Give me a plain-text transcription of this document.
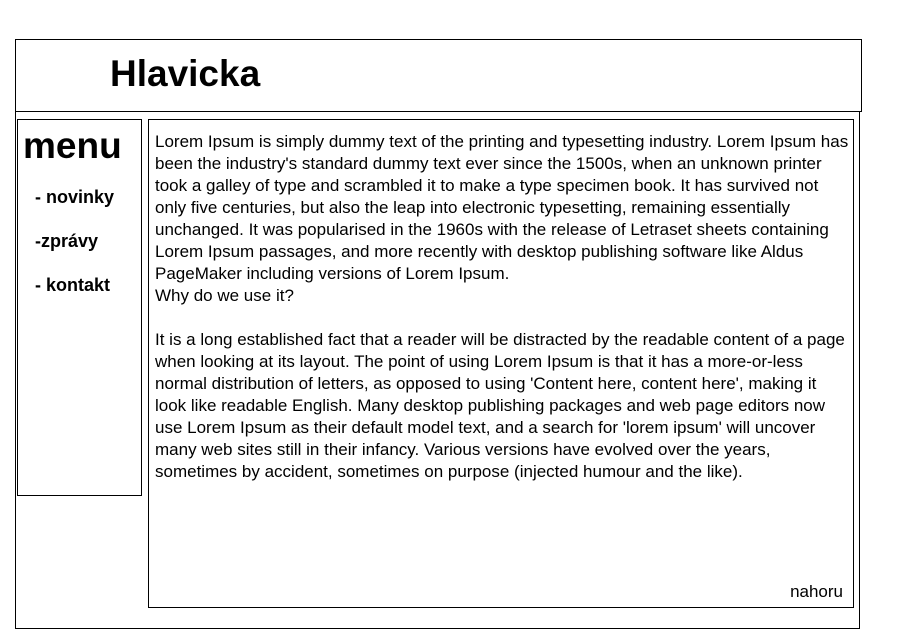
Hlavicka
menu
- novinky
-zprávy
- kontakt

Lorem Ipsum is simply dummy text of the printing and typesetting industry. Lorem Ipsum has been the industry's standard dummy text ever since the 1500s, when an unknown printer took a galley of type and scrambled it to make a type specimen book. It has survived not only five centuries, but also the leap into electronic typesetting, remaining essentially unchanged. It was popularised in the 1960s with the release of Letraset sheets containing Lorem Ipsum passages, and more recently with desktop publishing software like Aldus PageMaker including versions of Lorem Ipsum.

Why do we use it?

It is a long established fact that a reader will be distracted by the readable content of a page when looking at its layout. The point of using Lorem Ipsum is that it has a more-or-less normal distribution of letters, as opposed to using 'Content here, content here', making it look like readable English. Many desktop publishing packages and web page editors now use Lorem Ipsum as their default model text, and a search for 'lorem ipsum' will uncover many web sites still in their infancy. Various versions have evolved over the years, sometimes by accident, sometimes on purpose (injected humour and the like).

nahoru
